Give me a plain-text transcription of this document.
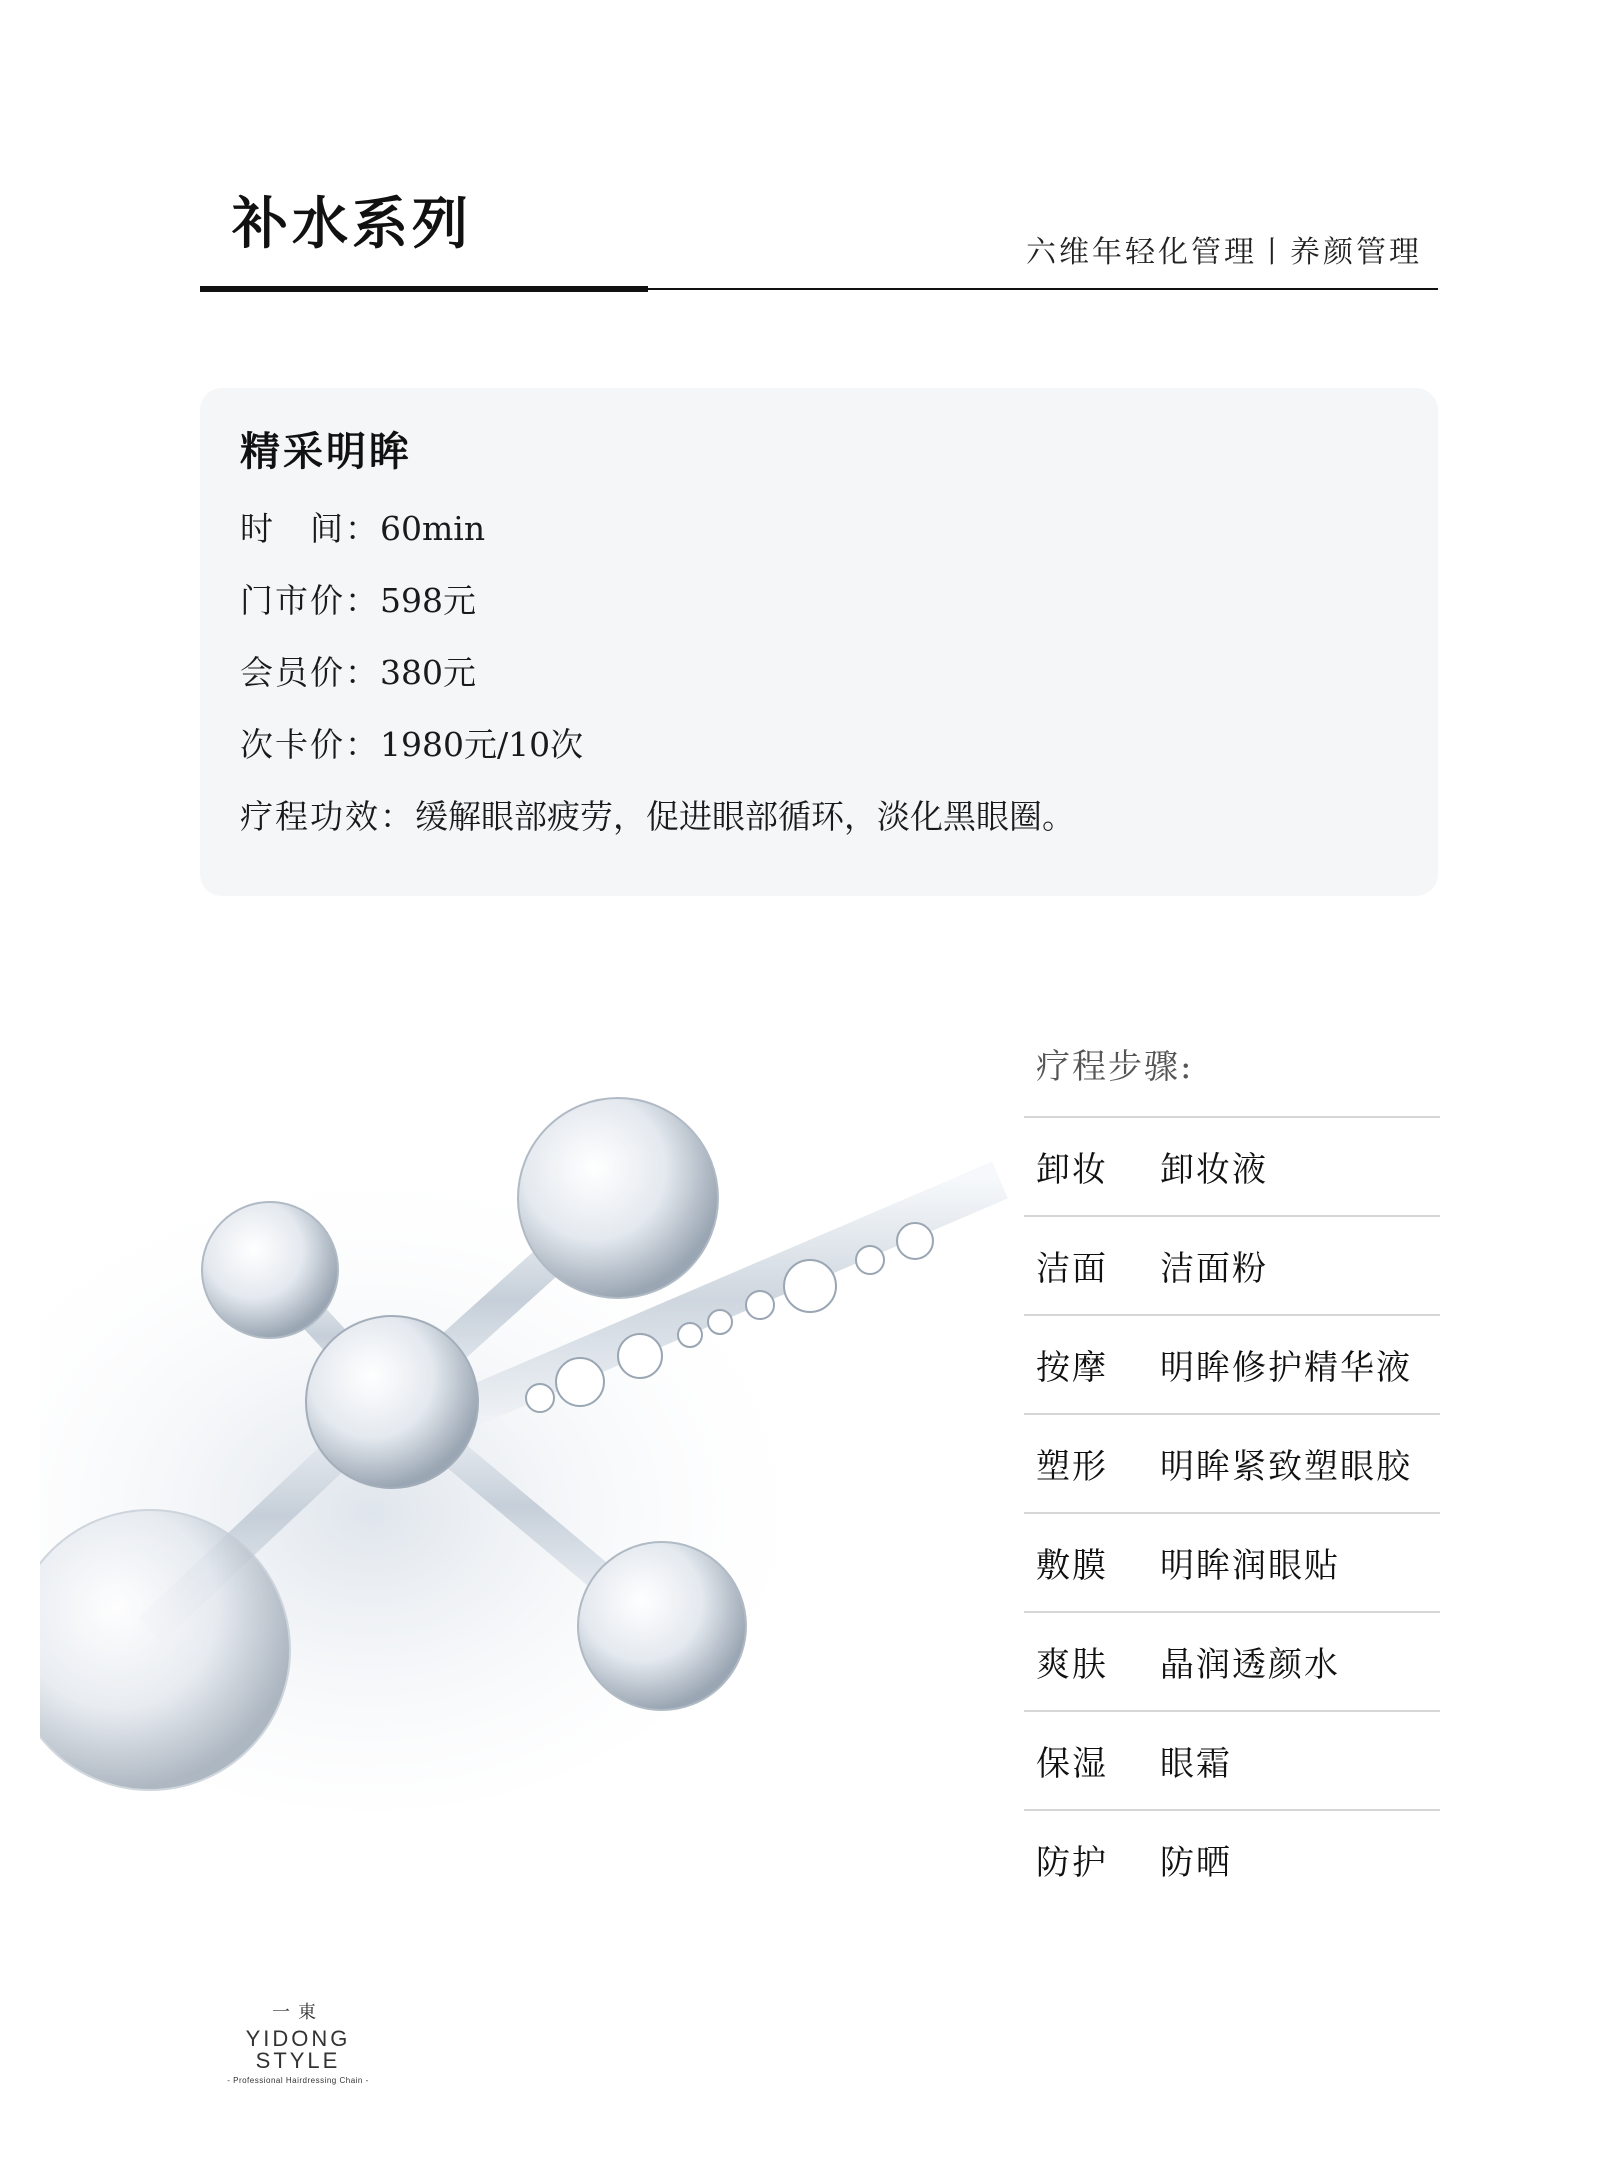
补水系列	六维年轻化管理丨养颜管理
精采明眸
时　间：60min
门市价：598元
会员价：380元
次卡价：1980元/10次
疗程功效：缓解眼部疲劳，促进眼部循环，淡化黑眼圈。
疗程步骤:
卸妆	卸妆液
洁面	洁面粉
按摩	明眸修护精华液
塑形	明眸紧致塑眼胶
敷膜	明眸润眼贴
爽肤	晶润透颜水
保湿	眼霜
防护	防晒
一東
YIDONG STYLE
- Professional Hairdressing Chain -
